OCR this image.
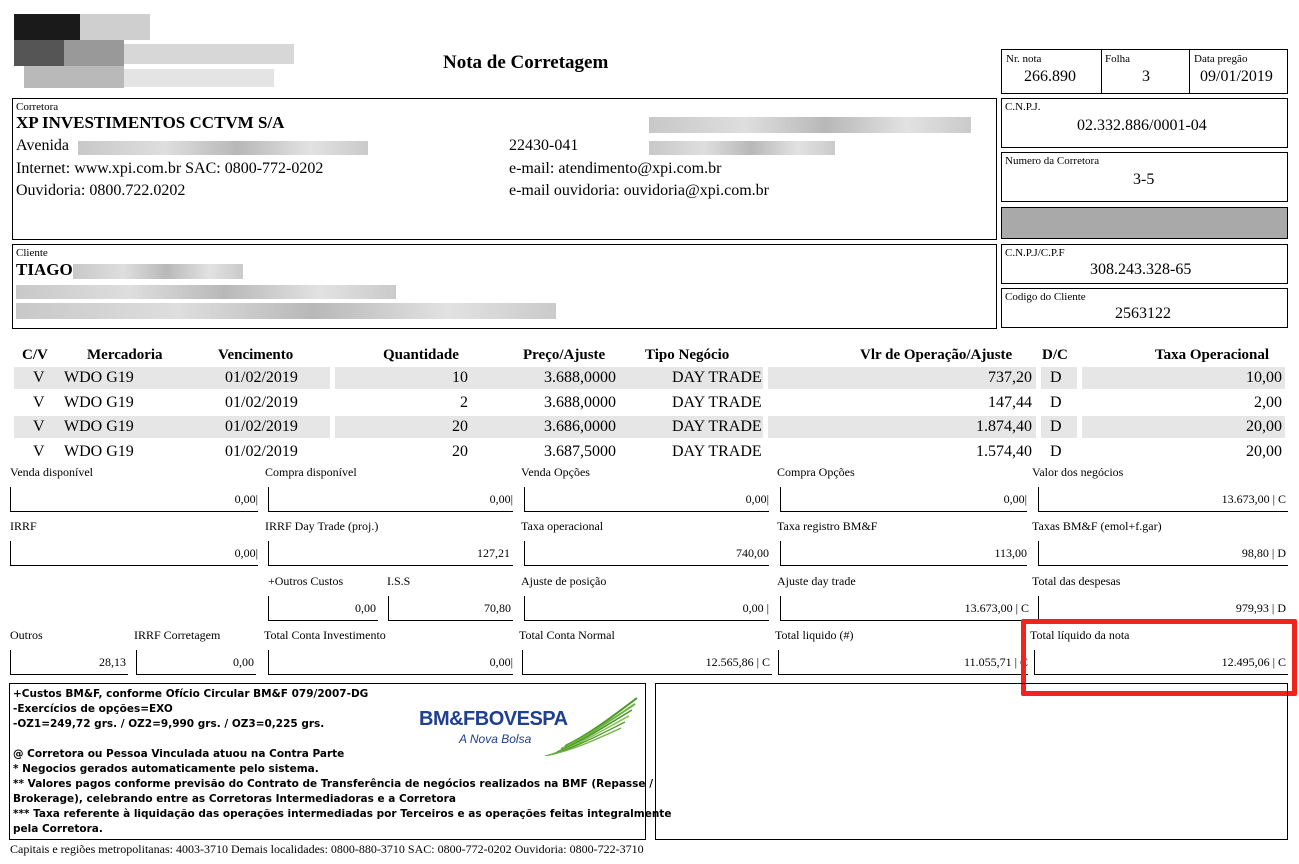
Nota de Corretagem	Nr. nota
266.890
Folha
3
Data pregão
09/01/2019
Corretora
XP INVESTIMENTOS CCTVM S/A
Avenida	22430-041
Internet: www.xpi.com.br SAC: 0800-772-0202	e-mail: atendimento@xpi.com.br
Ouvidoria: 0800.722.0202	e-mail ouvidoria: ouvidoria@xpi.com.br
C.N.P.J.
02.332.886/0001-04
Numero da Corretora
3-5
Cliente
TIAGO
C.N.P.J/C.P.F
308.243.328-65
Codigo do Cliente
2563122
C/V	Mercadoria	Vencimento	Quantidade	Preço/Ajuste	Tipo Negócio	Vlr de Operação/Ajuste D/C	Taxa Operacional
V WDO G19	01/02/2019	10	3.688,0000	DAY TRADE	737,20 D	10,00
V WDO G19	01/02/2019	2	3.688,0000	DAY TRADE	147,44 D	2,00
V WDO G19	01/02/2019	20	3.686,0000	DAY TRADE	1.874,40 D	20,00
V WDO G19	01/02/2019	20	3.687,5000	DAY TRADE	1.574,40 D	20,00
Venda disponível
0,00|
Compra disponível
0,00|
Venda Opções
0,00|
Compra Opções
0,00|
Valor dos negócios
13.673,00 | C
IRRF
0,00|
IRRF Day Trade (proj.)
127,21
Taxa operacional
740,00
Taxa registro BM&F
113,00
Taxas BM&F (emol+f.gar)
98,80 | D
+Outros Custos
0,00
I.S.S
70,80
Ajuste de posição
0,00 |
Ajuste day trade
13.673,00 | C
Total das despesas
979,93 | D
Outros
28,13
IRRF Corretagem
0,00
Total Conta Investimento
0,00|
Total Conta Normal
12.565,86 | C
Total liquido (#)
11.055,71 | C
Total líquido da nota
12.495,06 | C
+Custos BM&F, conforme Ofício Circular BM&F 079/2007-DG
-Exercícios de opções=EXO
-OZ1=249,72 grs. / OZ2=9,990 grs. / OZ3=0,225 grs.
@ Corretora ou Pessoa Vinculada atuou na Contra Parte
* Negocios gerados automaticamente pelo sistema.
** Valores pagos conforme previsão do Contrato de Transferência de negócios realizados na BMF (Repasse /
Brokerage), celebrando entre as Corretoras Intermediadoras e a Corretora
*** Taxa referente à liquidação das operações intermediadas por Terceiros e as operações feitas integralmente
pela Corretora.
BM&FBOVESPA
A Nova Bolsa
Capitais e regiões metropolitanas: 4003-3710 Demais localidades: 0800-880-3710 SAC: 0800-772-0202 Ouvidoria: 0800-722-3710
